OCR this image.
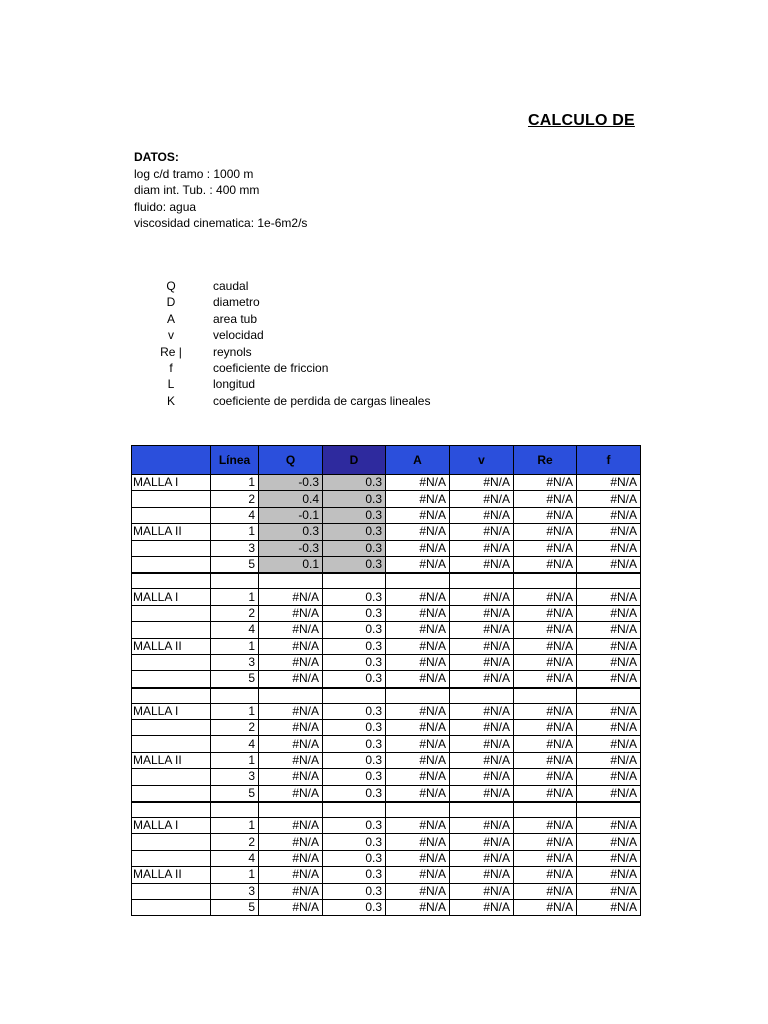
CALCULO DE
DATOS:
log c/d tramo : 1000 m
diam int. Tub. : 400 mm
fluido: agua
viscosidad cinematica: 1e-6m2/s
Q	caudal
D	diametro
A	area tub
v	velocidad
Re |	reynols
f	coeficiente de friccion
L	longitud
K	coeficiente de perdida de cargas lineales
	Línea	Q	D	A	v	Re	f
MALLA I	1	-0.3	0.3	#N/A	#N/A	#N/A	#N/A
	2	0.4	0.3	#N/A	#N/A	#N/A	#N/A
	4	-0.1	0.3	#N/A	#N/A	#N/A	#N/A
MALLA II	1	0.3	0.3	#N/A	#N/A	#N/A	#N/A
	3	-0.3	0.3	#N/A	#N/A	#N/A	#N/A
	5	0.1	0.3	#N/A	#N/A	#N/A	#N/A

MALLA I	1	#N/A	0.3	#N/A	#N/A	#N/A	#N/A
	2	#N/A	0.3	#N/A	#N/A	#N/A	#N/A
	4	#N/A	0.3	#N/A	#N/A	#N/A	#N/A
MALLA II	1	#N/A	0.3	#N/A	#N/A	#N/A	#N/A
	3	#N/A	0.3	#N/A	#N/A	#N/A	#N/A
	5	#N/A	0.3	#N/A	#N/A	#N/A	#N/A

MALLA I	1	#N/A	0.3	#N/A	#N/A	#N/A	#N/A
	2	#N/A	0.3	#N/A	#N/A	#N/A	#N/A
	4	#N/A	0.3	#N/A	#N/A	#N/A	#N/A
MALLA II	1	#N/A	0.3	#N/A	#N/A	#N/A	#N/A
	3	#N/A	0.3	#N/A	#N/A	#N/A	#N/A
	5	#N/A	0.3	#N/A	#N/A	#N/A	#N/A

MALLA I	1	#N/A	0.3	#N/A	#N/A	#N/A	#N/A
	2	#N/A	0.3	#N/A	#N/A	#N/A	#N/A
	4	#N/A	0.3	#N/A	#N/A	#N/A	#N/A
MALLA II	1	#N/A	0.3	#N/A	#N/A	#N/A	#N/A
	3	#N/A	0.3	#N/A	#N/A	#N/A	#N/A
	5	#N/A	0.3	#N/A	#N/A	#N/A	#N/A
